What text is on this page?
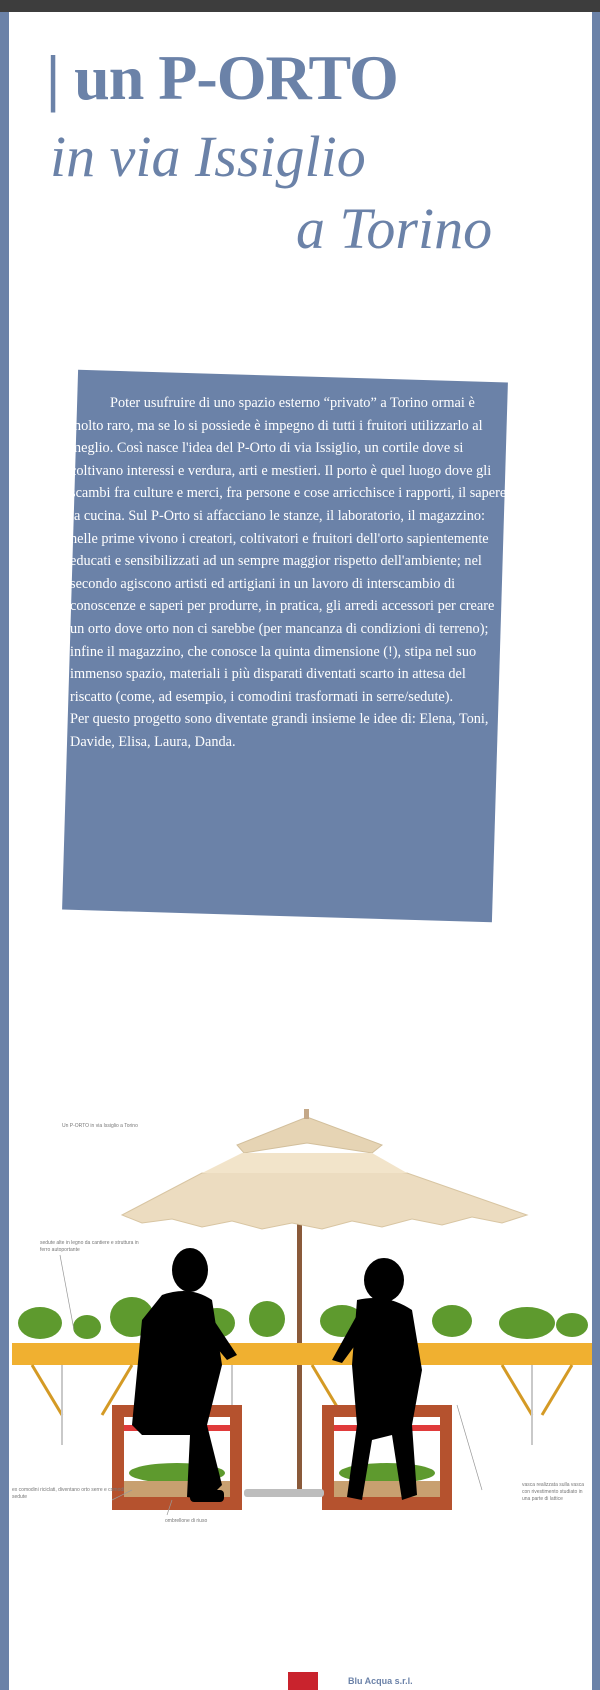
| un P-ORTO
in via Issiglio
a Torino

Poter usufruire di uno spazio esterno “privato” a Torino ormai è molto raro, ma se lo si possiede è impegno di tutti i fruitori utilizzarlo al meglio. Così nasce l'idea del P-Orto di via Issiglio, un cortile dove si coltivano interessi e verdura, arti e mestieri. Il porto è quel luogo dove gli scambi fra culture e merci, fra persone e cose arricchisce i rapporti, il sapere, la cucina. Sul P-Orto si affacciano le stanze, il laboratorio, il magazzino: nelle prime vivono i creatori, coltivatori e fruitori dell'orto sapientemente educati e sensibilizzati ad un sempre maggior rispetto dell'ambiente; nel secondo agiscono artisti ed artigiani in un lavoro di interscambio di conoscenze e saperi per produrre, in pratica, gli arredi accessori per creare un orto dove orto non ci sarebbe (per mancanza di condizioni di terreno); infine il magazzino, che conosce la quinta dimensione (!), stipa nel suo immenso spazio, materiali i più disparati diventati scarto in attesa del riscatto (come, ad esempio, i comodini trasformati in serre/sedute).

Per questo progetto sono diventate grandi insieme le idee di: Elena, Toni, Davide, Elisa, Laura, Danda.

Un P-ORTO in via Issiglio a Torino
sedute alte in legno da cantiere e struttura in ferro autoportante
ex comodini riciclati, diventano orto serre e comodi sedute
ombrellone di riuso
vasca realizzata sulla vasca con rivestimento studiato in una parte di lattice
Blu Acqua s.r.l.
